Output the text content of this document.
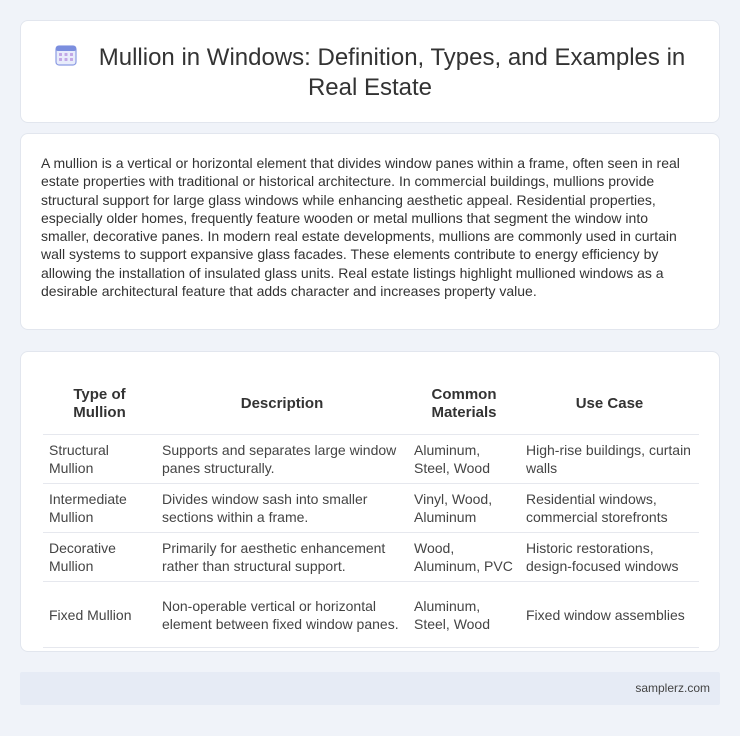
Mullion in Windows: Definition, Types, and Examples in
Real Estate

A mullion is a vertical or horizontal element that divides window panes within a frame, often seen in real estate properties with traditional or historical architecture. In commercial buildings, mullions provide structural support for large glass windows while enhancing aesthetic appeal. Residential properties, especially older homes, frequently feature wooden or metal mullions that segment the window into smaller, decorative panes. In modern real estate developments, mullions are commonly used in curtain wall systems to support expansive glass facades. These elements contribute to energy efficiency by allowing the installation of insulated glass units. Real estate listings highlight mullioned windows as a desirable architectural feature that adds character and increases property value.

Type of Mullion	Description	Common Materials	Use Case
Structural Mullion	Supports and separates large window panes structurally.	Aluminum, Steel, Wood	High-rise buildings, curtain walls
Intermediate Mullion	Divides window sash into smaller sections within a frame.	Vinyl, Wood, Aluminum	Residential windows, commercial storefronts
Decorative Mullion	Primarily for aesthetic enhancement rather than structural support.	Wood, Aluminum, PVC	Historic restorations, design-focused windows
Fixed Mullion	Non-operable vertical or horizontal element between fixed window panes.	Aluminum, Steel, Wood	Fixed window assemblies
samplerz.com
